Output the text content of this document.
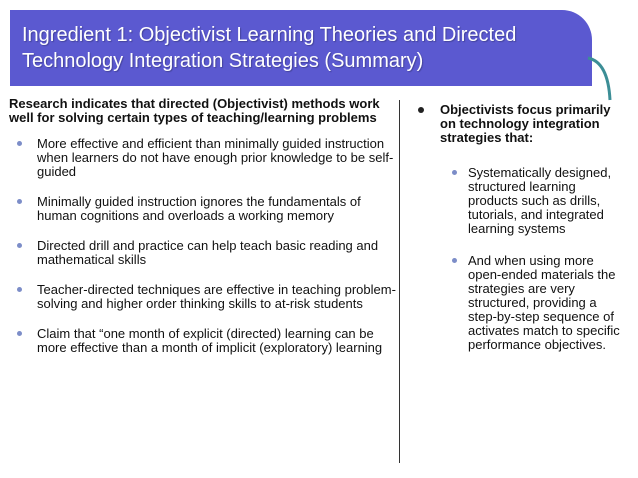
Ingredient 1: Objectivist Learning Theories and Directed Technology Integration Strategies (Summary)

Research indicates that directed (Objectivist) methods work well for solving certain types of teaching/learning problems

More effective and efficient than minimally guided instruction when learners do not have enough prior knowledge to be self-guided
Minimally guided instruction ignores the fundamentals of human cognitions and overloads a working memory
Directed drill and practice can help teach basic reading and mathematical skills
Teacher-directed techniques are effective in teaching problem-solving and higher order thinking skills to at-risk students
Claim that “one month of explicit (directed) learning can be more effective than a month of implicit (exploratory) learning

Objectivists focus primarily on technology integration strategies that:

Systematically designed, structured learning products such as drills, tutorials, and integrated learning systems
And when using more open-ended materials the strategies are very structured, providing a step-by-step sequence of activates match to specific performance objectives.
